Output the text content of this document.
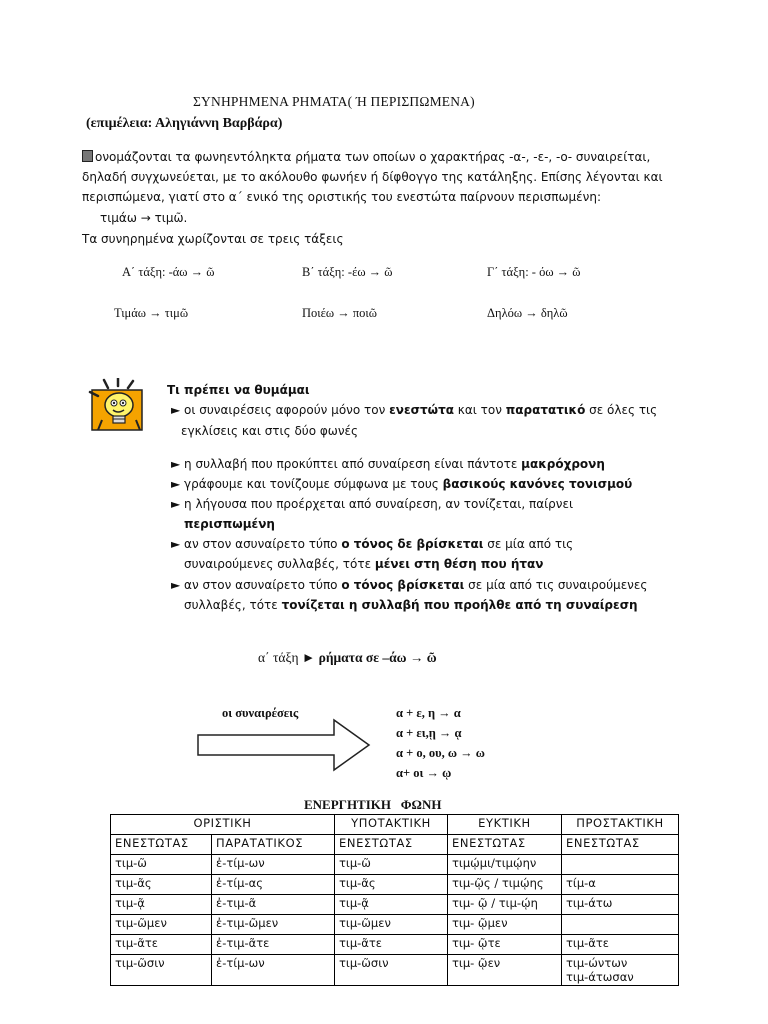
ΣΥΝΗΡΗΜΕΝΑ ΡΗΜΑΤΑ( Ή ΠΕΡΙΣΠΩΜΕΝΑ)
(επιμέλεια: Αληγιάννη Βαρβάρα)
ονομάζονται τα φωνηεντόληκτα ρήματα των οποίων ο χαρακτήρας -α-, -ε-, -ο- συναιρείται,
δηλαδή συγχωνεύεται, με το ακόλουθο φωνήεν ή δίφθογγο της κατάληξης. Επίσης λέγονται και
περισπώμενα, γιατί στο α΄ ενικό της οριστικής του ενεστώτα παίρνουν περισπωμένη:
τιμάω → τιμῶ.
Τα συνηρημένα χωρίζονται σε τρεις τάξεις
Α΄ τάξη: -άω → ῶ	Β΄ τάξη: -έω → ῶ	Γ΄ τάξη: - όω → ῶ
Τιμάω → τιμῶ	Ποιέω → ποιῶ	Δηλόω → δηλῶ
Τι πρέπει να θυμάμαι
► οι συναιρέσεις αφορούν μόνο τον ενεστώτα και τον παρατατικό σε όλες τις
εγκλίσεις και στις δύο φωνές
► η συλλαβή που προκύπτει από συναίρεση είναι πάντοτε μακρόχρονη
► γράφουμε και τονίζουμε σύμφωνα με τους βασικούς κανόνες τονισμού
► η λήγουσα που προέρχεται από συναίρεση, αν τονίζεται, παίρνει
περισπωμένη
► αν στον ασυναίρετο τύπο ο τόνος δε βρίσκεται σε μία από τις
συναιρούμενες συλλαβές, τότε μένει στη θέση που ήταν
► αν στον ασυναίρετο τύπο ο τόνος βρίσκεται σε μία από τις συναιρούμενες
συλλαβές, τότε τονίζεται η συλλαβή που προήλθε από τη συναίρεση
α΄ τάξη ► ρήματα σε –άω → ῶ
οι συναιρέσεις	α + ε, η → α
α + ει,ῃ → ᾳ
α + ο, ου, ω → ω
α+ οι → ῳ
ΕΝΕΡΓΗΤΙΚΗ   ΦΩΝΗ
ΟΡΙΣΤΙΚΗ		ΥΠΟΤΑΚΤΙΚΗ	ΕΥΚΤΙΚΗ	ΠΡΟΣΤΑΚΤΙΚΗ
ΕΝΕΣΤΩΤΑΣ	ΠΑΡΑΤΑΤΙΚΟΣ	ΕΝΕΣΤΩΤΑΣ	ΕΝΕΣΤΩΤΑΣ	ΕΝΕΣΤΩΤΑΣ
τιμ-ῶ	ἐ-τίμ-ων	τιμ-ῶ	τιμῴμι/τιμῴην	
τιμ-ᾶς	ἐ-τίμ-ας	τιμ-ᾶς	τιμ-ῷς / τιμῴης	τίμ-α
τιμ-ᾷ	ἐ-τιμ-ᾶ	τιμ-ᾷ	τιμ- ῷ / τιμ-ῴη	τιμ-άτω
τιμ-ῶμεν	ἐ-τιμ-ῶμεν	τιμ-ῶμεν	τιμ- ῷμεν	
τιμ-ᾶτε	ἐ-τιμ-ᾶτε	τιμ-ᾶτε	τιμ- ῷτε	τιμ-ᾶτε
τιμ-ῶσιν	ἐ-τίμ-ων	τιμ-ῶσιν	τιμ- ῷεν	τιμ-ώντων
τιμ-άτωσαν
